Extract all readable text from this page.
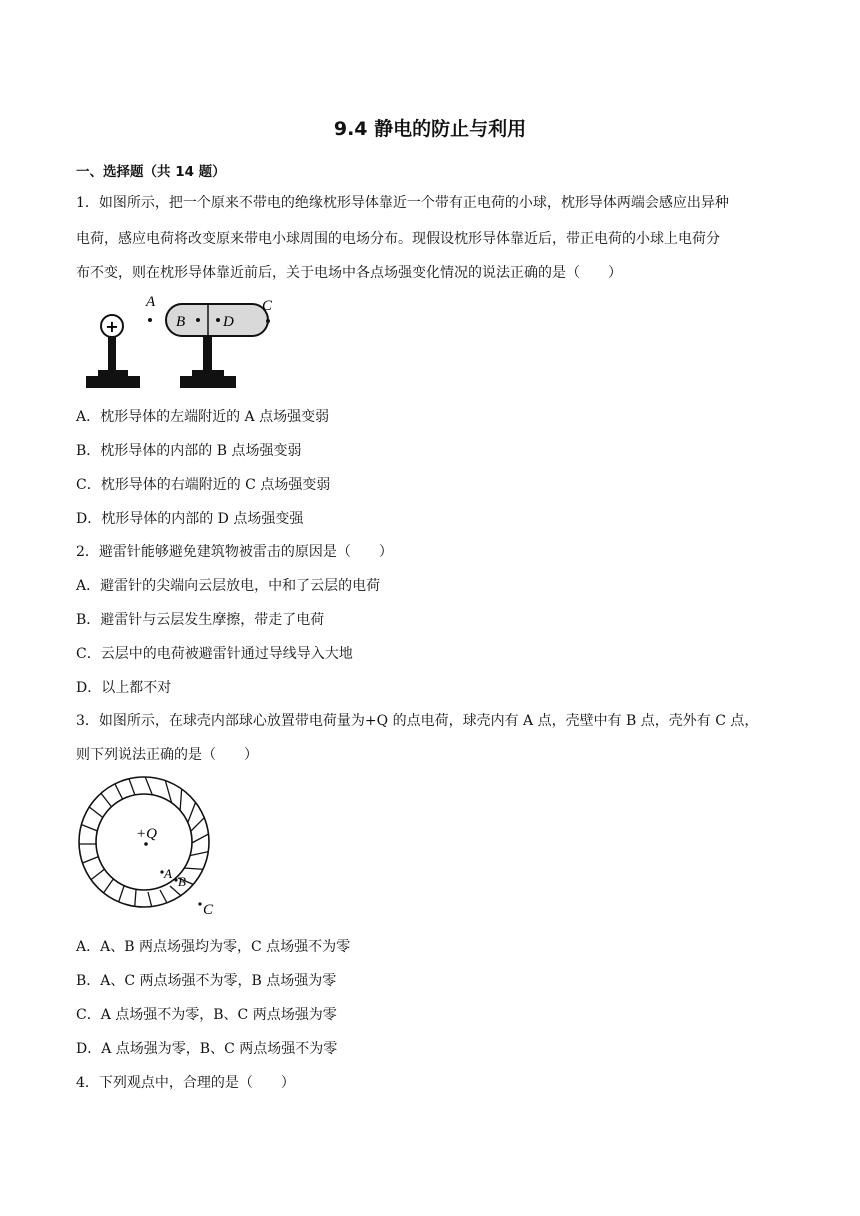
9.4 静电的防止与利用
一、选择题（共 14 题）
1．如图所示，把一个原来不带电的绝缘枕形导体靠近一个带有正电荷的小球，枕形导体两端会感应出异种
电荷，感应电荷将改变原来带电小球周围的电场分布。现假设枕形导体靠近后，带正电荷的小球上电荷分
布不变，则在枕形导体靠近前后，关于电场中各点场强变化情况的说法正确的是（　　）
+
A
B	D
C
A．枕形导体的左端附近的 A 点场强变弱
B．枕形导体的内部的 B 点场强变弱
C．枕形导体的右端附近的 C 点场强变弱
D．枕形导体的内部的 D 点场强变强
2．避雷针能够避免建筑物被雷击的原因是（　　）
A．避雷针的尖端向云层放电，中和了云层的电荷
B．避雷针与云层发生摩擦，带走了电荷
C．云层中的电荷被避雷针通过导线导入大地
D．以上都不对
3．如图所示，在球壳内部球心放置带电荷量为+Q 的点电荷，球壳内有 A 点，壳壁中有 B 点，壳外有 C 点，
则下列说法正确的是（　　）
+Q
A
B
C
A．A、B 两点场强均为零，C 点场强不为零
B．A、C 两点场强不为零，B 点场强为零
C．A 点场强不为零，B、C 两点场强为零
D．A 点场强为零，B、C 两点场强不为零
4．下列观点中，合理的是（　　）
